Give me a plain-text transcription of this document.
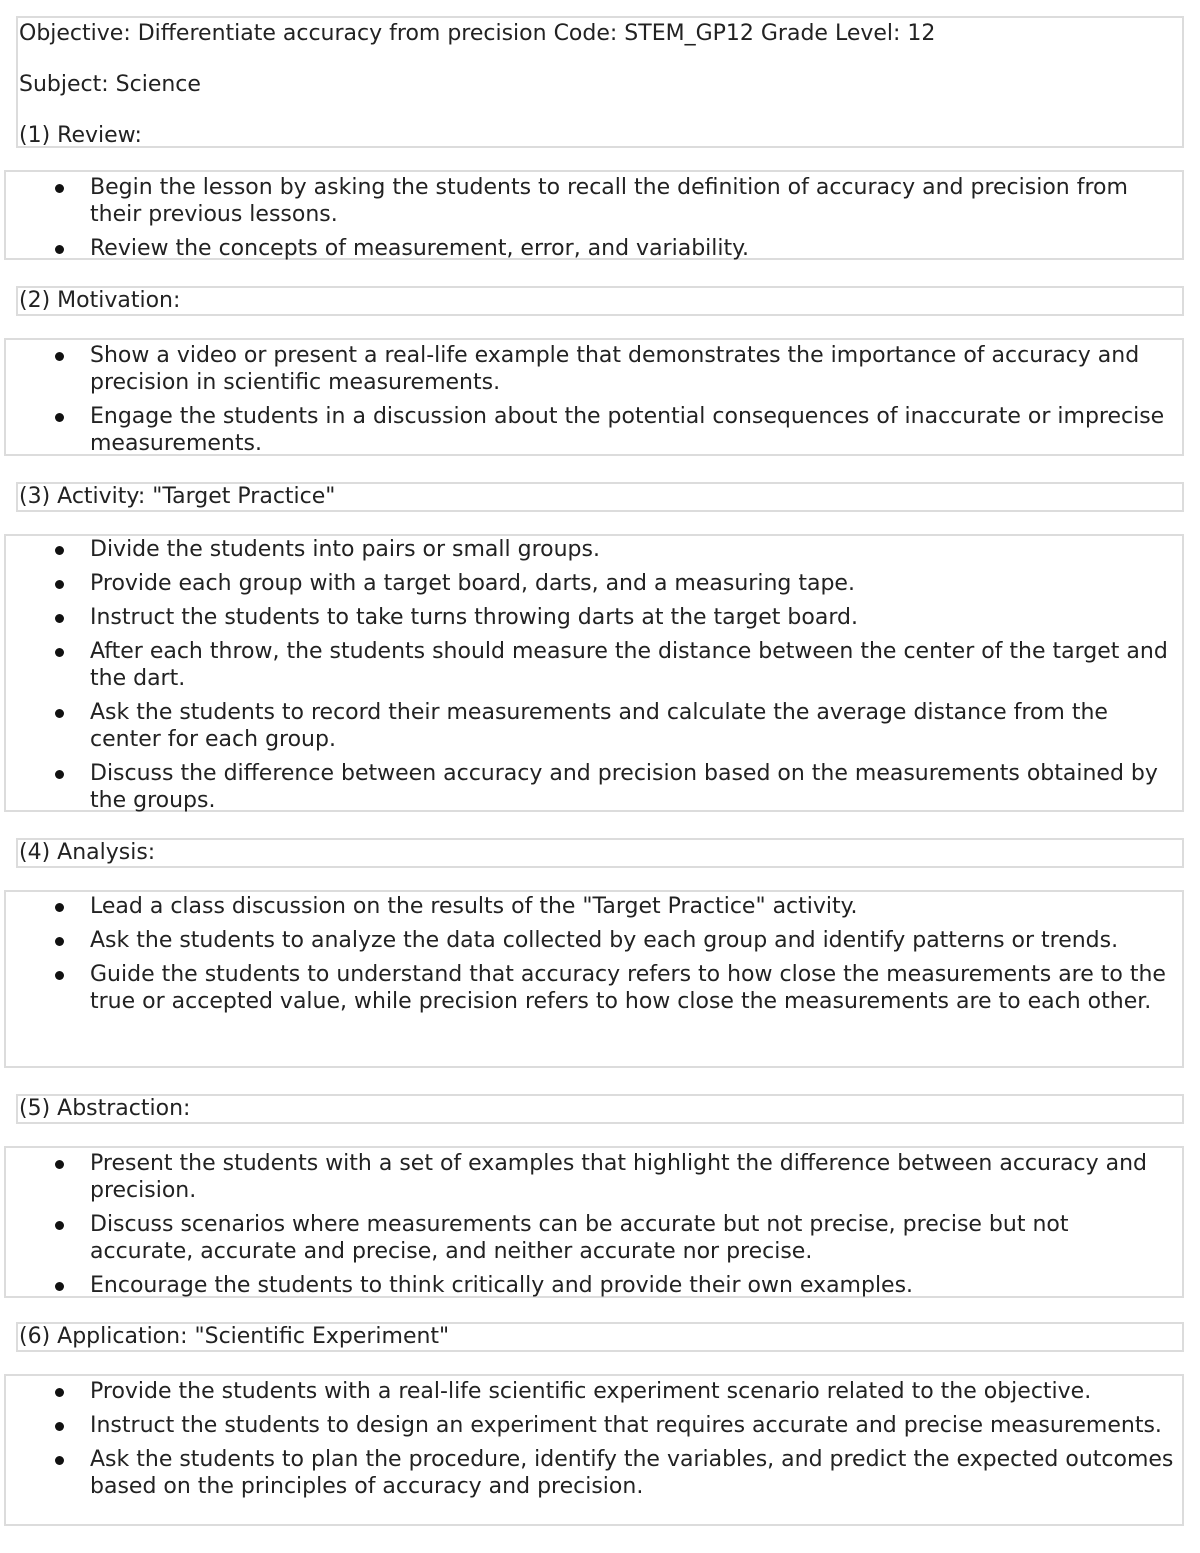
Objective: Differentiate accuracy from precision Code: STEM_GP12 Grade Level: 12

Subject: Science

(1) Review:

Begin the lesson by asking the students to recall the definition of accuracy and precision from their previous lessons.
Review the concepts of measurement, error, and variability.
(2) Motivation:
Show a video or present a real-life example that demonstrates the importance of accuracy and precision in scientific measurements.
Engage the students in a discussion about the potential consequences of inaccurate or imprecise measurements.
(3) Activity: "Target Practice"
Divide the students into pairs or small groups.
Provide each group with a target board, darts, and a measuring tape.
Instruct the students to take turns throwing darts at the target board.
After each throw, the students should measure the distance between the center of the target and the dart.
Ask the students to record their measurements and calculate the average distance from the center for each group.
Discuss the difference between accuracy and precision based on the measurements obtained by the groups.
(4) Analysis:
Lead a class discussion on the results of the "Target Practice" activity.
Ask the students to analyze the data collected by each group and identify patterns or trends.
Guide the students to understand that accuracy refers to how close the measurements are to the true or accepted value, while precision refers to how close the measurements are to each other.
(5) Abstraction:
Present the students with a set of examples that highlight the difference between accuracy and precision.
Discuss scenarios where measurements can be accurate but not precise, precise but not accurate, accurate and precise, and neither accurate nor precise.
Encourage the students to think critically and provide their own examples.
(6) Application: "Scientific Experiment"
Provide the students with a real-life scientific experiment scenario related to the objective.
Instruct the students to design an experiment that requires accurate and precise measurements.
Ask the students to plan the procedure, identify the variables, and predict the expected outcomes based on the principles of accuracy and precision.
